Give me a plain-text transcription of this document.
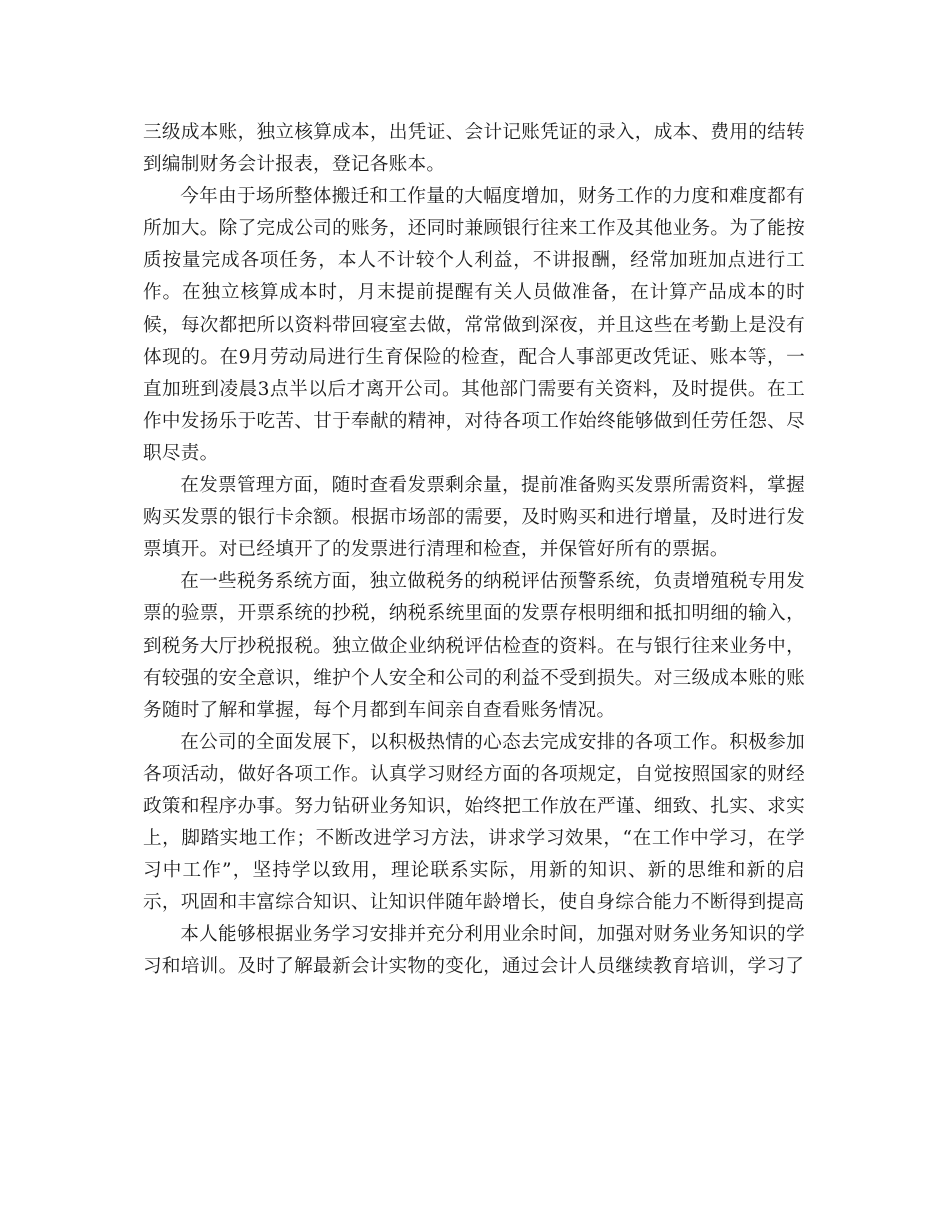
三级成本账，独立核算成本，出凭证、会计记账凭证的录入，成本、费用的结转到编制财务会计报表，登记各账本。

今年由于场所整体搬迁和工作量的大幅度增加，财务工作的力度和难度都有所加大。除了完成公司的账务，还同时兼顾银行往来工作及其他业务。为了能按质按量完成各项任务，本人不计较个人利益，不讲报酬，经常加班加点进行工作。在独立核算成本时，月末提前提醒有关人员做准备，在计算产品成本的时候，每次都把所以资料带回寝室去做，常常做到深夜，并且这些在考勤上是没有体现的。在9月劳动局进行生育保险的检查，配合人事部更改凭证、账本等，一直加班到凌晨3点半以后才离开公司。其他部门需要有关资料，及时提供。在工作中发扬乐于吃苦、甘于奉献的精神，对待各项工作始终能够做到任劳任怨、尽职尽责。

在发票管理方面，随时查看发票剩余量，提前准备购买发票所需资料，掌握购买发票的银行卡余额。根据市场部的需要，及时购买和进行增量，及时进行发票填开。对已经填开了的发票进行清理和检查，并保管好所有的票据。

在一些税务系统方面，独立做税务的纳税评估预警系统，负责增殖税专用发票的验票，开票系统的抄税，纳税系统里面的发票存根明细和抵扣明细的输入，到税务大厅抄税报税。独立做企业纳税评估检查的资料。在与银行往来业务中，有较强的安全意识，维护个人安全和公司的利益不受到损失。对三级成本账的账务随时了解和掌握，每个月都到车间亲自查看账务情况。

在公司的全面发展下，以积极热情的心态去完成安排的各项工作。积极参加各项活动，做好各项工作。认真学习财经方面的各项规定，自觉按照国家的财经政策和程序办事。努力钻研业务知识，始终把工作放在严谨、细致、扎实、求实上，脚踏实地工作；不断改进学习方法，讲求学习效果，“在工作中学习，在学习中工作”，坚持学以致用，理论联系实际，用新的知识、新的思维和新的启示，巩固和丰富综合知识、让知识伴随年龄增长，使自身综合能力不断得到提高

本人能够根据业务学习安排并充分利用业余时间，加强对财务业务知识的学习和培训。及时了解最新会计实物的变化，通过会计人员继续教育培训，学习了
